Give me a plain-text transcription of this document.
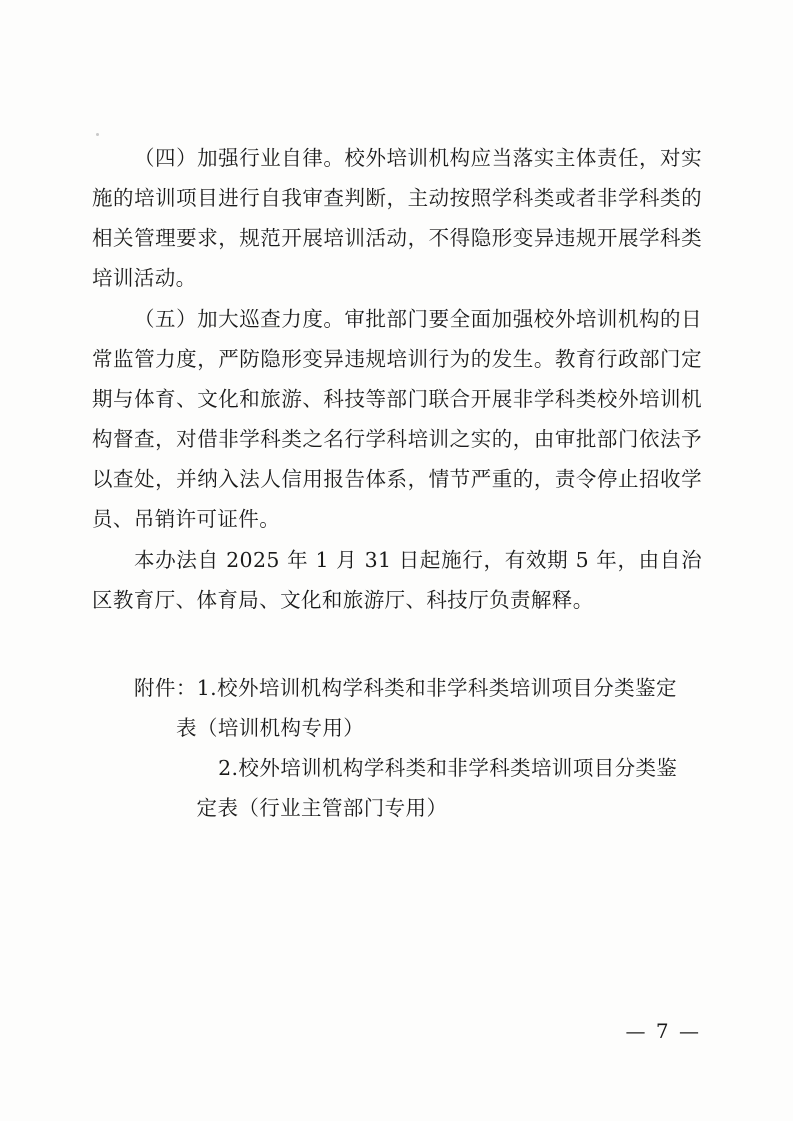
（四）加强行业自律。校外培训机构应当落实主体责任，对实施的培训项目进行自我审查判断，主动按照学科类或者非学科类的相关管理要求，规范开展培训活动，不得隐形变异违规开展学科类培训活动。

（五）加大巡查力度。审批部门要全面加强校外培训机构的日常监管力度，严防隐形变异违规培训行为的发生。教育行政部门定期与体育、文化和旅游、科技等部门联合开展非学科类校外培训机构督查，对借非学科类之名行学科培训之实的，由审批部门依法予以查处，并纳入法人信用报告体系，情节严重的，责令停止招收学员、吊销许可证件。

本办法自 2025 年 1 月 31 日起施行，有效期 5 年，由自治区教育厅、体育局、文化和旅游厅、科技厅负责解释。

附件：1.校外培训机构学科类和非学科类培训项目分类鉴定
表（培训机构专用）
2.校外培训机构学科类和非学科类培训项目分类鉴
定表（行业主管部门专用）
— 7 —
